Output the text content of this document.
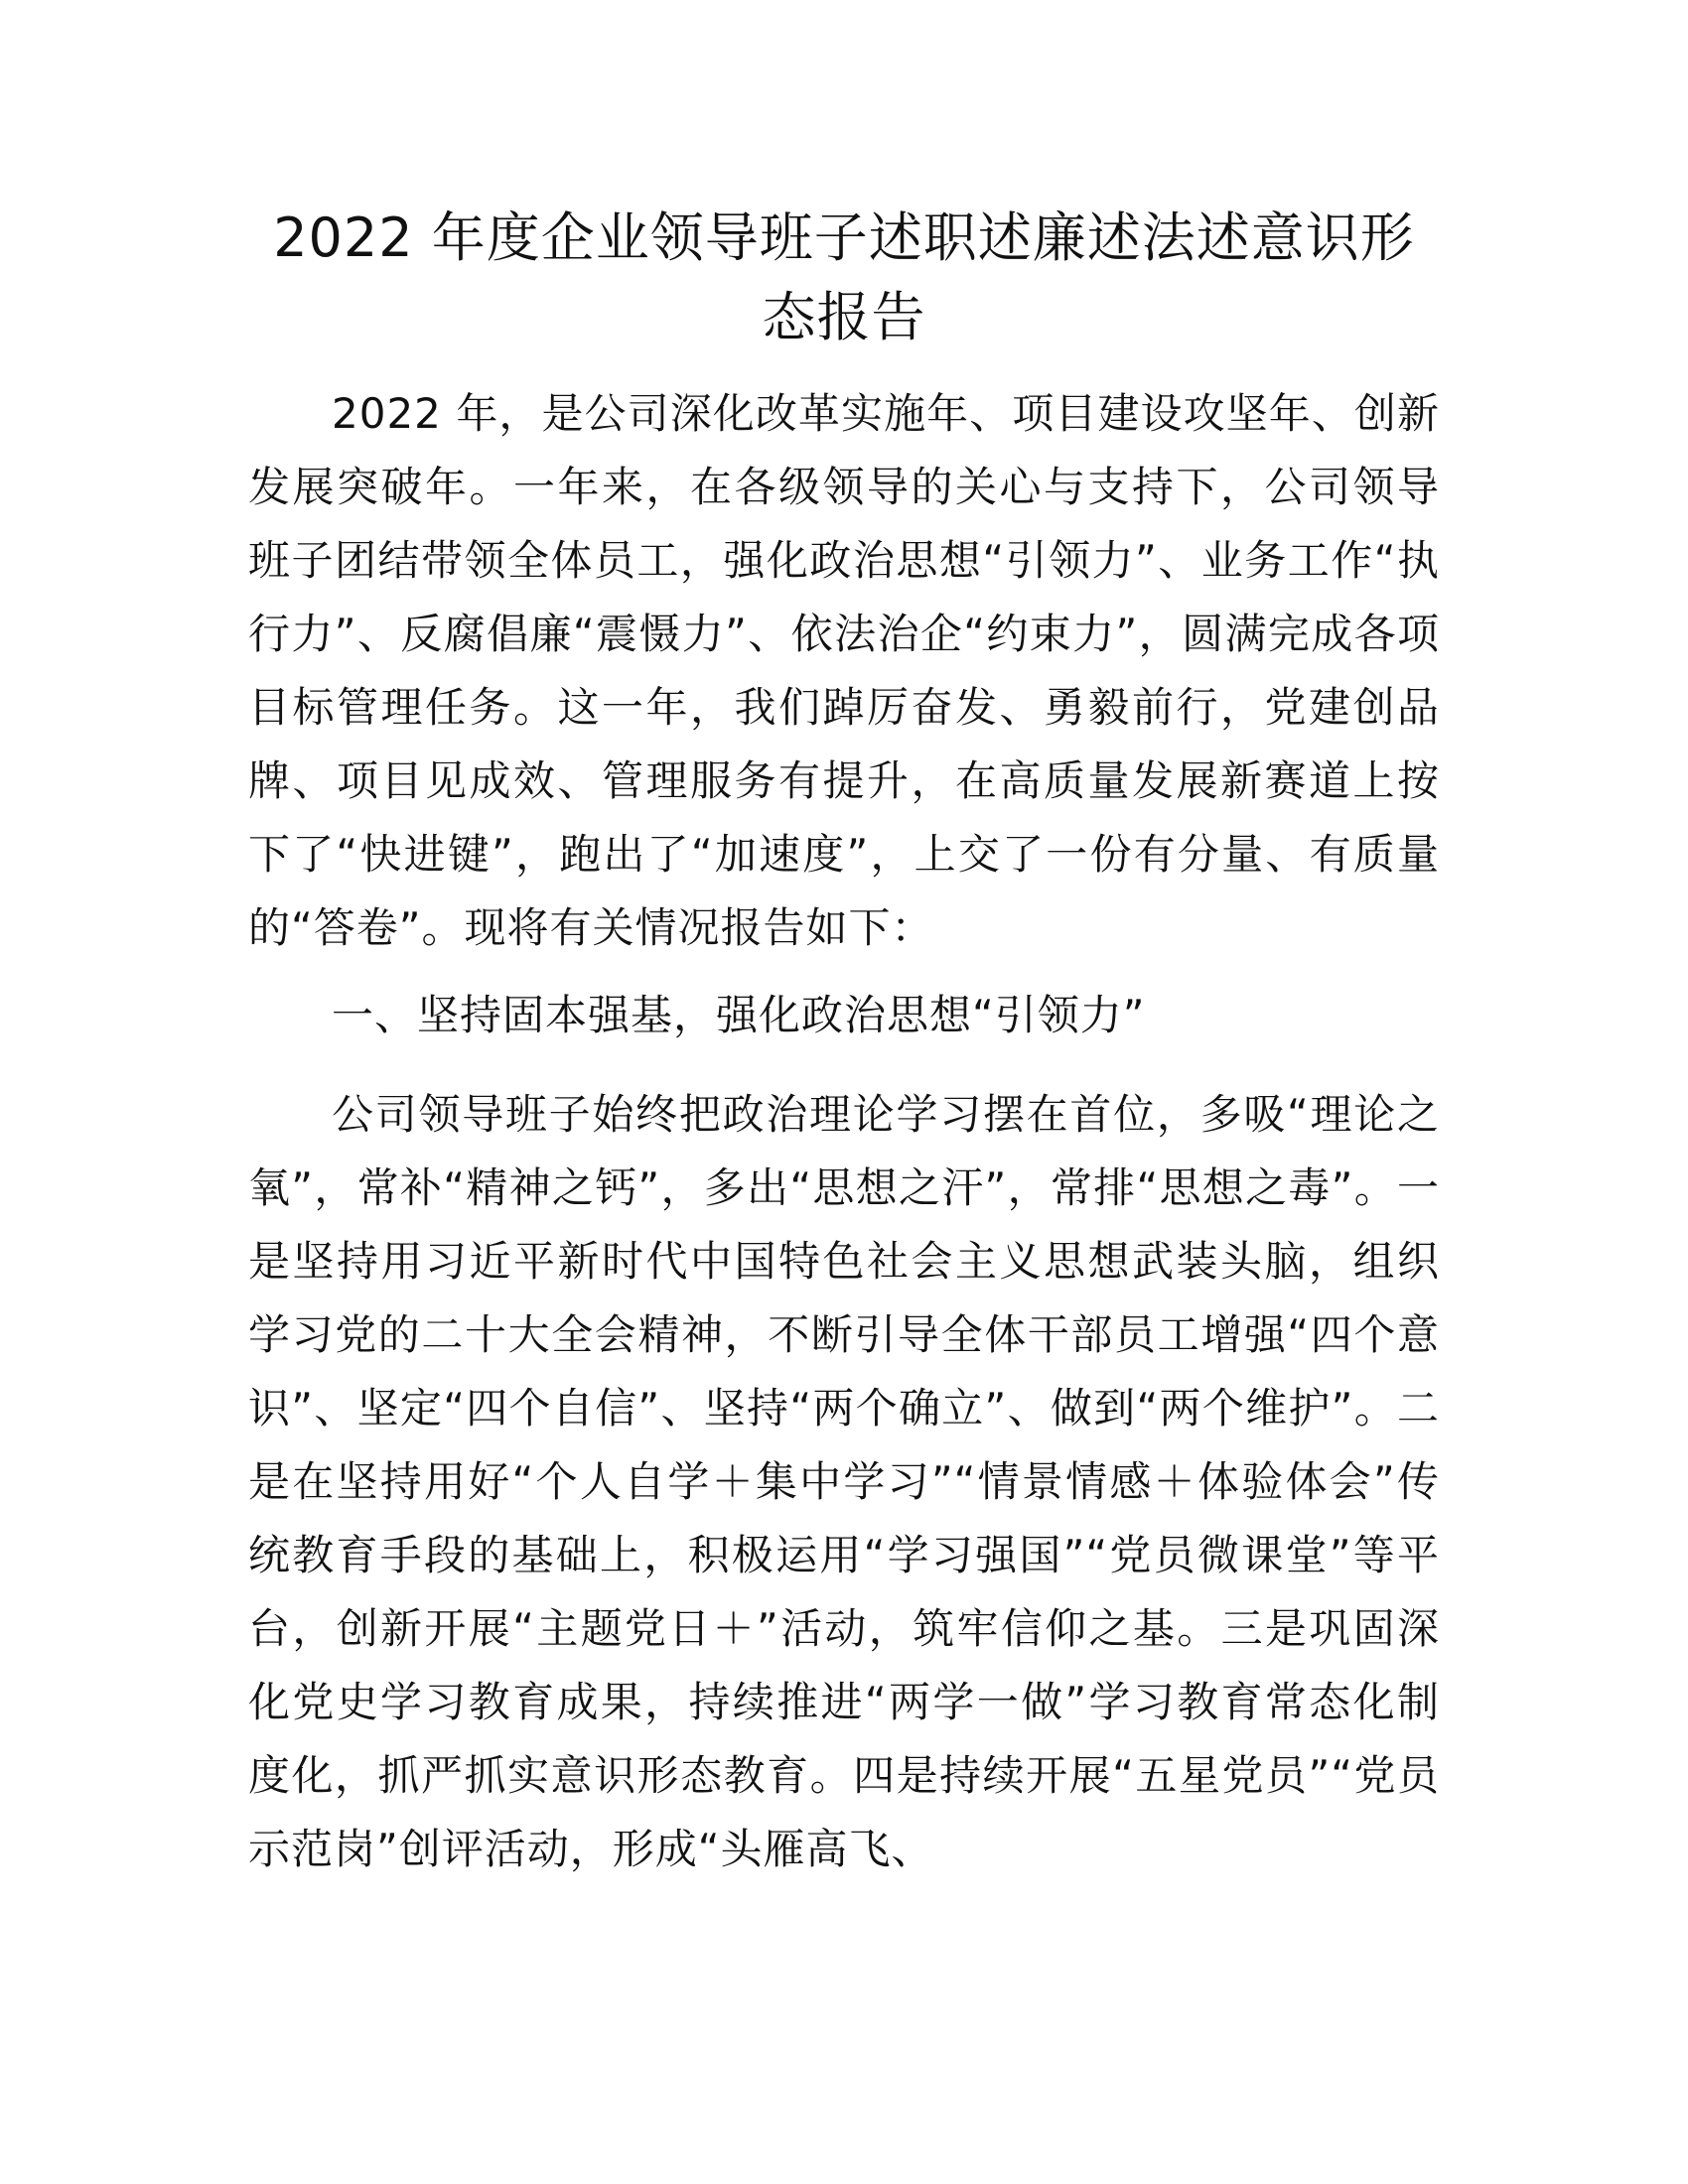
2022 年度企业领导班子述职述廉述法述意识形态报告

2022 年，是公司深化改革实施年、项目建设攻坚年、创新发展突破年。一年来，在各级领导的关心与支持下，公司领导班子团结带领全体员工，强化政治思想“引领力”、业务工作“执行力”、反腐倡廉“震慑力”、依法治企“约束力”，圆满完成各项目标管理任务。这一年，我们踔厉奋发、勇毅前行，党建创品牌、项目见成效、管理服务有提升，在高质量发展新赛道上按下了“快进键”，跑出了“加速度”，上交了一份有分量、有质量的“答卷”。现将有关情况报告如下：

一、坚持固本强基，强化政治思想“引领力”

公司领导班子始终把政治理论学习摆在首位，多吸“理论之氧”，常补“精神之钙”，多出“思想之汗”，常排“思想之毒”。一是坚持用习近平新时代中国特色社会主义思想武装头脑，组织学习党的二十大全会精神，不断引导全体干部员工增强“四个意识”、坚定“四个自信”、坚持“两个确立”、做到“两个维护”。二是在坚持用好“个人自学＋集中学习”“情景情感＋体验体会”传统教育手段的基础上，积极运用“学习强国”“党员微课堂”等平台，创新开展“主题党日＋”活动，筑牢信仰之基。三是巩固深化党史学习教育成果，持续推进“两学一做”学习教育常态化制度化，抓严抓实意识形态教育。四是持续开展“五星党员”“党员示范岗”创评活动，形成“头雁高飞、
